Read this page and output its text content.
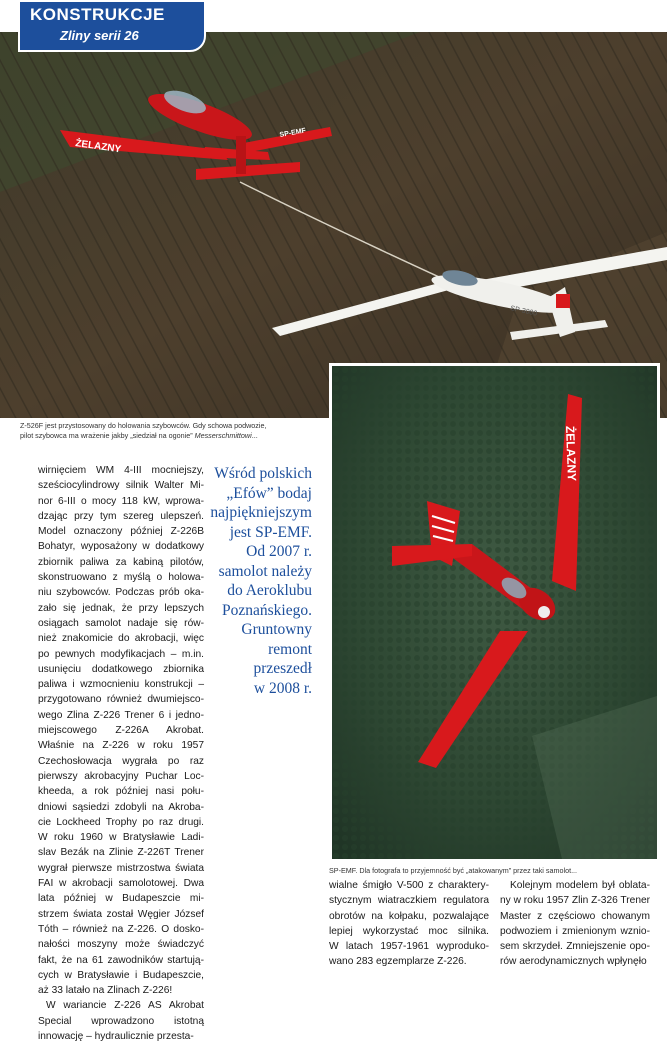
ŻELAZNY
SP-EMF
SP-3000
KONSTRUKCJE
Zliny serii 26
Z-526F jest przystosowany do holowania szybowców. Gdy schowa podwozie,
pilot szybowca ma wrażenie jakby „siedział na ogonie” Messerschmittowi...	ŻELAZNY
SP-EMF. Dla fotografa to przyjemność być „atakowanym” przez taki samolot...
Wśród polskich
„Efów” bodaj
najpiękniejszym
jest SP-EMF.
Od 2007 r.
samolot należy
do Aeroklubu
Poznańskiego.
Gruntowny
remont
przeszedł
w 2008 r.
wirnięciem WM 4-III mocniejszy,
sześciocylindrowy silnik Walter Mi-
nor 6-III o mocy 118 kW, wprowa-
dzając przy tym szereg ulepszeń.
Model oznaczony później Z-226B
Bohatyr, wyposażony w dodatkowy
zbiornik paliwa za kabiną pilotów,
skonstruowano z myślą o holowa-
niu szybowców. Podczas prób oka-
zało się jednak, że przy lepszych
osiągach samolot nadaje się rów-
nież znakomicie do akrobacji, więc
po pewnych modyfikacjach – m.in.
usunięciu dodatkowego zbiornika
paliwa i wzmocnieniu konstrukcji –
przygotowano również dwumiejsco-
wego Zlina Z-226 Trener 6 i jedno-
miejscowego Z-226A Akrobat.
Właśnie na Z-226 w roku 1957
Czechosłowacja wygrała po raz
pierwszy akrobacyjny Puchar Loc-
kheeda, a rok później nasi połu-
dniowi sąsiedzi zdobyli na Akroba-
cie Lockheed Trophy po raz drugi.
W roku 1960 w Bratysławie Ladi-
slav Bezák na Zlinie Z-226T Trener
wygrał pierwsze mistrzostwa świata
FAI w akrobacji samolotowej. Dwa
lata później w Budapeszcie mi-
strzem świata został Węgier József
Tóth – również na Z-226. O dosko-
nałości moszyny może świadczyć
fakt, że na 61 zawodników startują-
cych w Bratysławie i Budapeszcie,
aż 33 latało na Zlinach Z-226!
W wariancie Z-226 AS Akrobat
Special wprowadzono istotną
innowację – hydraulicznie przesta-
wialne śmigło V-500 z charaktery-
stycznym wiatraczkiem regulatora
obrotów na kołpaku, pozwalające
lepiej wykorzystać moc silnika.
W latach 1957-1961 wyproduko-
wano 283 egzemplarze Z-226.
Kolejnym modelem był oblata-
ny w roku 1957 Zlin Z-326 Trener
Master z częściowo chowanym
podwoziem i zmienionym wznio-
sem skrzydeł. Zmniejszenie opo-
rów aerodynamicznych wpłynęło
